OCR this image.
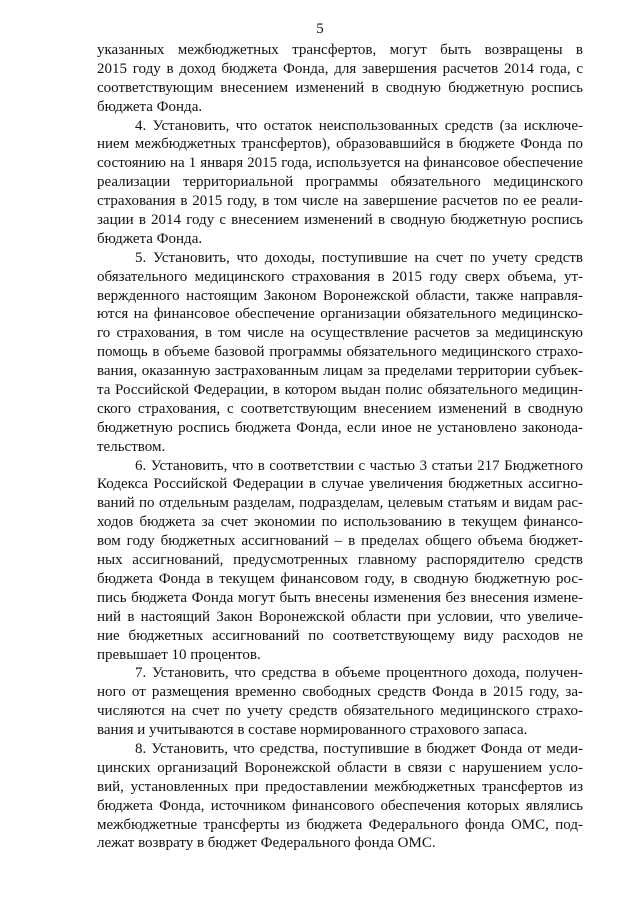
5
указанных межбюджетных трансфертов, могут быть возвращены в
2015 году в доход бюджета Фонда, для завершения расчетов 2014 года, с
соответствующим внесением изменений в сводную бюджетную роспись
бюджета Фонда.
4. Установить, что остаток неиспользованных средств (за исключе-
нием межбюджетных трансфертов), образовавшийся в бюджете Фонда по
состоянию на 1 января 2015 года, используется на финансовое обеспечение
реализации территориальной программы обязательного медицинского
страхования в 2015 году, в том числе на завершение расчетов по ее реали-
зации в 2014 году с внесением изменений в сводную бюджетную роспись
бюджета Фонда.
5. Установить, что доходы, поступившие на счет по учету средств
обязательного медицинского страхования в 2015 году сверх объема, ут-
вержденного настоящим Законом Воронежской области, также направля-
ются на финансовое обеспечение организации обязательного медицинско-
го страхования, в том числе на осуществление расчетов за медицинскую
помощь в объеме базовой программы обязательного медицинского страхо-
вания, оказанную застрахованным лицам за пределами территории субъек-
та Российской Федерации, в котором выдан полис обязательного медицин-
ского страхования, с соответствующим внесением изменений в сводную
бюджетную роспись бюджета Фонда, если иное не установлено законода-
тельством.
6. Установить, что в соответствии с частью 3 статьи 217 Бюджетного
Кодекса Российской Федерации в случае увеличения бюджетных ассигно-
ваний по отдельным разделам, подразделам, целевым статьям и видам рас-
ходов бюджета за счет экономии по использованию в текущем финансо-
вом году бюджетных ассигнований – в пределах общего объема бюджет-
ных ассигнований, предусмотренных главному распорядителю средств
бюджета Фонда в текущем финансовом году, в сводную бюджетную рос-
пись бюджета Фонда могут быть внесены изменения без внесения измене-
ний в настоящий Закон Воронежской области при условии, что увеличе-
ние бюджетных ассигнований по соответствующему виду расходов не
превышает 10 процентов.
7. Установить, что средства в объеме процентного дохода, получен-
ного от размещения временно свободных средств Фонда в 2015 году, за-
числяются на счет по учету средств обязательного медицинского страхо-
вания и учитываются в составе нормированного страхового запаса.
8. Установить, что средства, поступившие в бюджет Фонда от меди-
цинских организаций Воронежской области в связи с нарушением усло-
вий, установленных при предоставлении межбюджетных трансфертов из
бюджета Фонда, источником финансового обеспечения которых являлись
межбюджетные трансферты из бюджета Федерального фонда ОМС, под-
лежат возврату в бюджет Федерального фонда ОМС.
